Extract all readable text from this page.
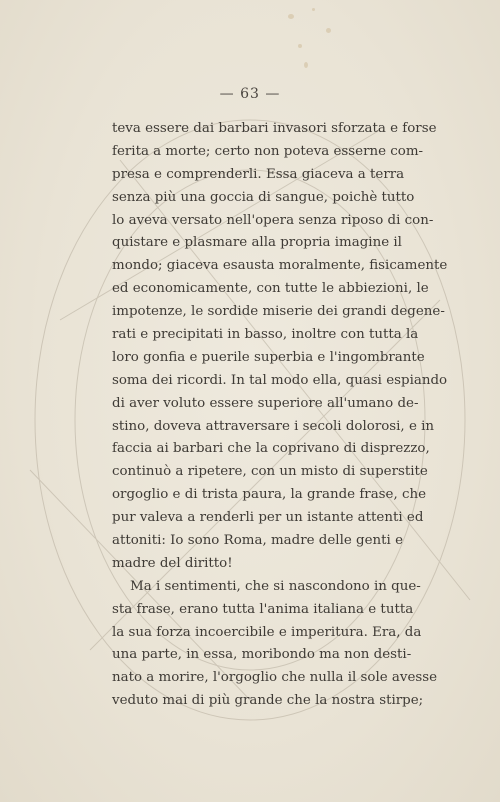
— 63 —
teva essere dai barbari invasori sforzata e forse
ferita a morte; certo non poteva esserne com-
presa e comprenderli. Essa giaceva a terra
senza più una goccia di sangue, poichè tutto
lo aveva versato nell'opera senza riposo di con-
quistare e plasmare alla propria imagine il
mondo; giaceva esausta moralmente, fisicamente
ed economicamente, con tutte le abbiezioni, le
impotenze, le sordide miserie dei grandi degene-
rati e precipitati in basso, inoltre con tutta la
loro gonfia e puerile superbia e l'ingombrante
soma dei ricordi. In tal modo ella, quasi espiando
di aver voluto essere superiore all'umano de-
stino, doveva attraversare i secoli dolorosi, e in
faccia ai barbari che la coprivano di disprezzo,
continuò a ripetere, con un misto di superstite
orgoglio e di trista paura, la grande frase, che
pur valeva a renderli per un istante attenti ed
attoniti: Io sono Roma, madre delle genti e
madre del diritto!
Ma i sentimenti, che si nascondono in que-
sta frase, erano tutta l'anima italiana e tutta
la sua forza incoercibile e imperitura. Era, da
una parte, in essa, moribondo ma non desti-
nato a morire, l'orgoglio che nulla il sole avesse
veduto mai di più grande che la nostra stirpe;
